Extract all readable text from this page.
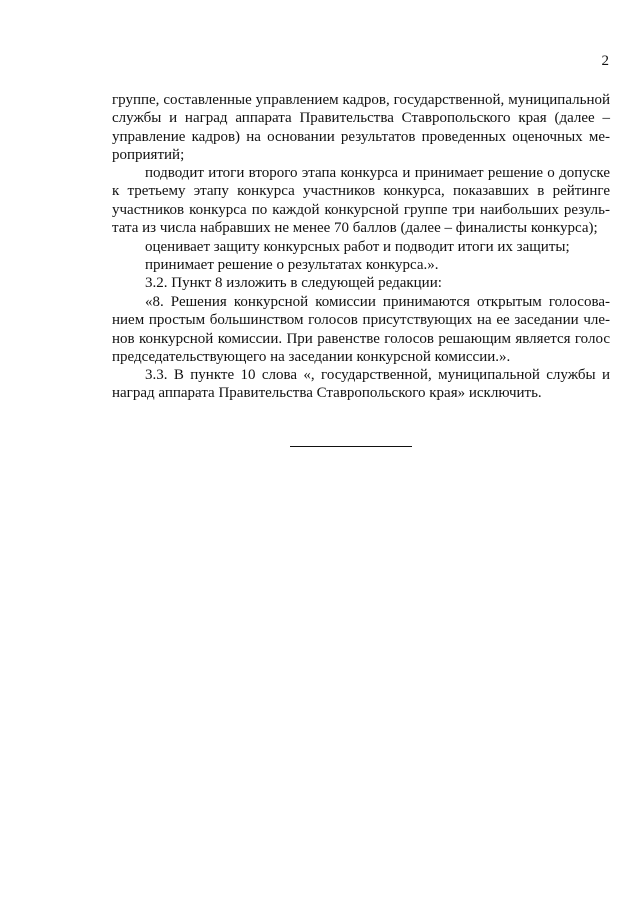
2
группе, составленные управлением кадров, государственной, муниципальной
службы и наград аппарата Правительства Ставропольского края (далее –
управление кадров) на основании результатов проведенных оценочных ме-
роприятий;
подводит итоги второго этапа конкурса и принимает решение о допуске
к третьему этапу конкурса участников конкурса, показавших в рейтинге
участников конкурса по каждой конкурсной группе три наибольших резуль-
тата из числа набравших не менее 70 баллов (далее – финалисты конкурса);
оценивает защиту конкурсных работ и подводит итоги их защиты;
принимает решение о результатах конкурса.».
3.2. Пункт 8 изложить в следующей редакции:
«8. Решения конкурсной комиссии принимаются открытым голосова-
нием простым большинством голосов присутствующих на ее заседании чле-
нов конкурсной комиссии. При равенстве голосов решающим является голос
председательствующего на заседании конкурсной комиссии.».
3.3. В пункте 10 слова «, государственной, муниципальной службы и
наград аппарата Правительства Ставропольского края» исключить.
